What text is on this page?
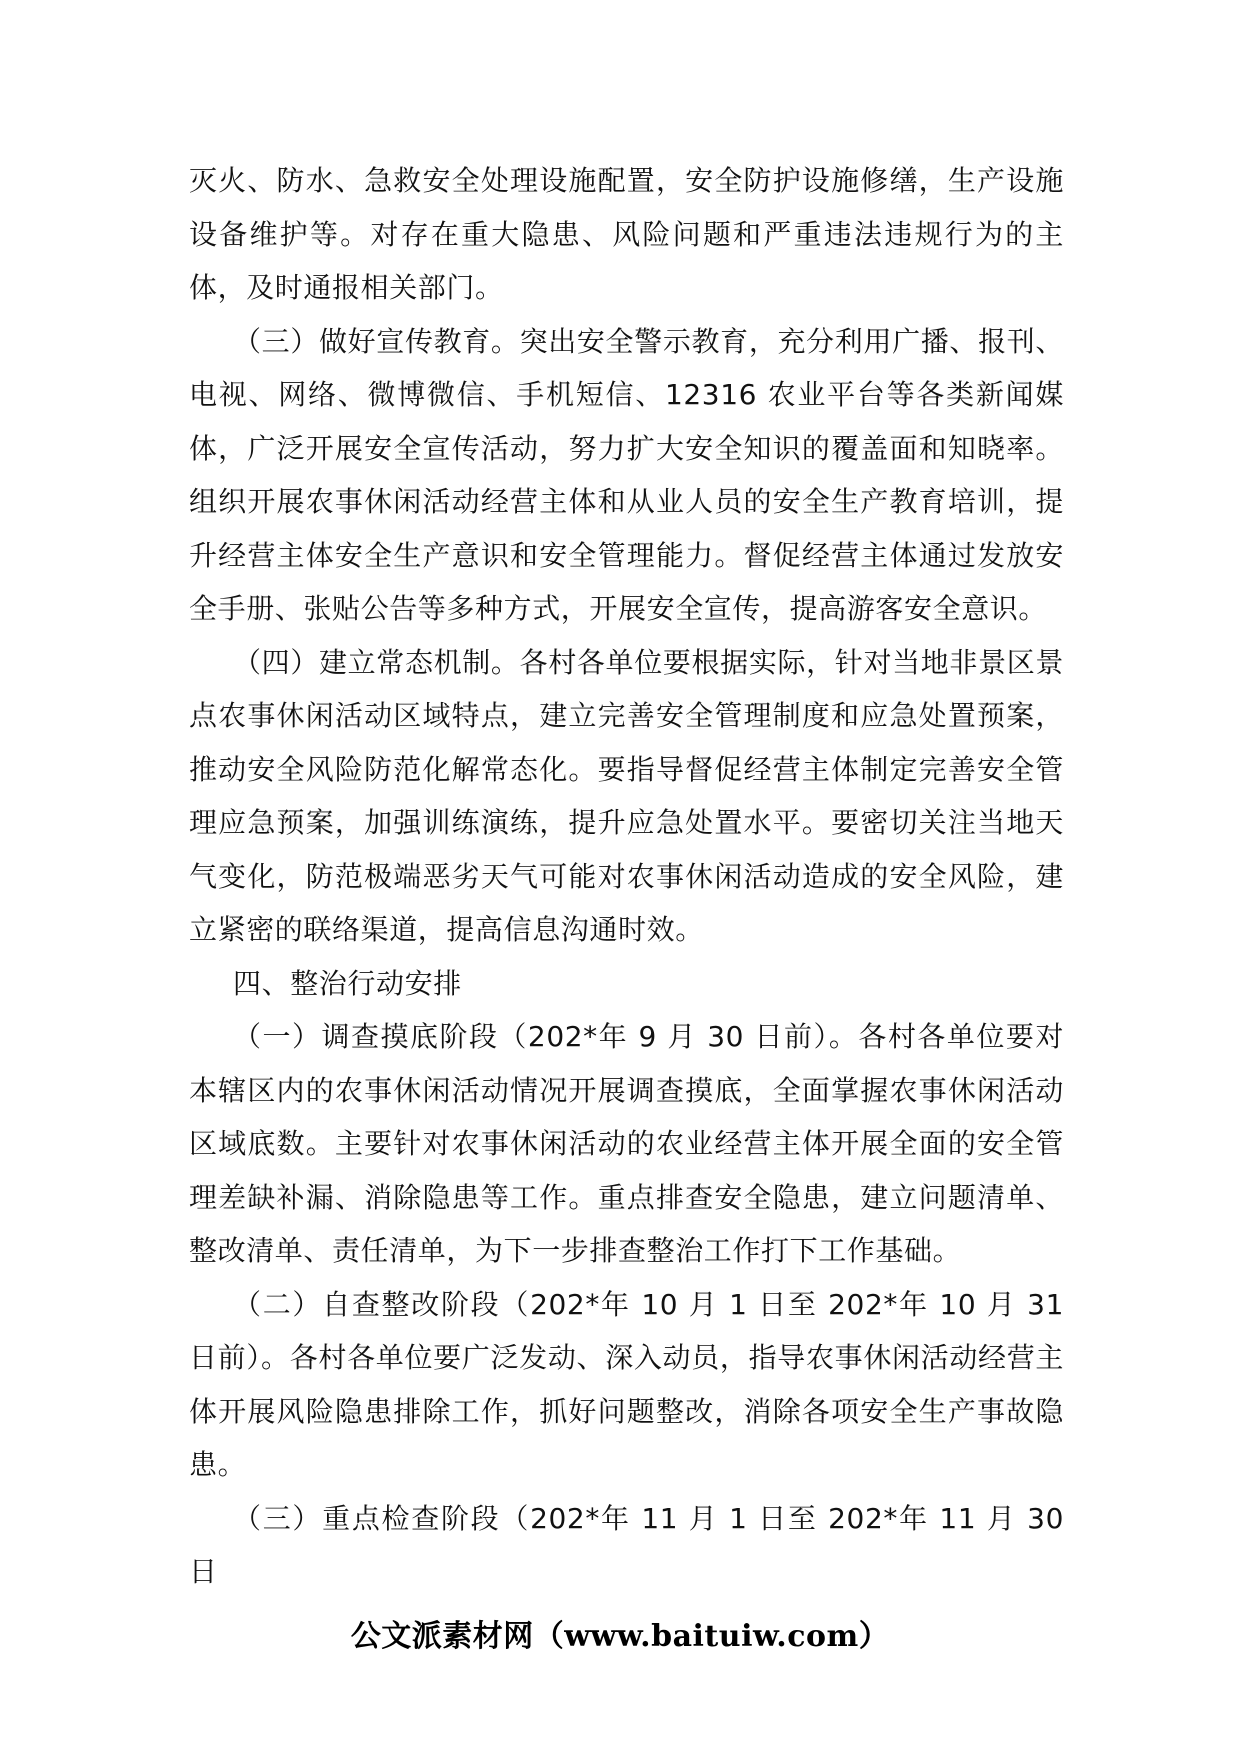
灭火、防水、急救安全处理设施配置，安全防护设施修缮，生产设施设备维护等。对存在重大隐患、风险问题和严重违法违规行为的主体，及时通报相关部门。

（三）做好宣传教育。突出安全警示教育，充分利用广播、报刊、电视、网络、微博微信、手机短信、12316 农业平台等各类新闻媒体，广泛开展安全宣传活动，努力扩大安全知识的覆盖面和知晓率。组织开展农事休闲活动经营主体和从业人员的安全生产教育培训，提升经营主体安全生产意识和安全管理能力。督促经营主体通过发放安全手册、张贴公告等多种方式，开展安全宣传，提高游客安全意识。

（四）建立常态机制。各村各单位要根据实际，针对当地非景区景点农事休闲活动区域特点，建立完善安全管理制度和应急处置预案，推动安全风险防范化解常态化。要指导督促经营主体制定完善安全管理应急预案，加强训练演练，提升应急处置水平。要密切关注当地天气变化，防范极端恶劣天气可能对农事休闲活动造成的安全风险，建立紧密的联络渠道，提高信息沟通时效。

四、整治行动安排

（一）调查摸底阶段（202*年 9 月 30 日前）。各村各单位要对本辖区内的农事休闲活动情况开展调查摸底，全面掌握农事休闲活动区域底数。主要针对农事休闲活动的农业经营主体开展全面的安全管理差缺补漏、消除隐患等工作。重点排查安全隐患，建立问题清单、整改清单、责任清单，为下一步排查整治工作打下工作基础。

（二）自查整改阶段（202*年 10 月 1 日至 202*年 10 月 31 日前）。各村各单位要广泛发动、深入动员，指导农事休闲活动经营主体开展风险隐患排除工作，抓好问题整改，消除各项安全生产事故隐患。

（三）重点检查阶段（202*年 11 月 1 日至 202*年 11 月 30 日

公文派素材网（www.baituiw.com）
